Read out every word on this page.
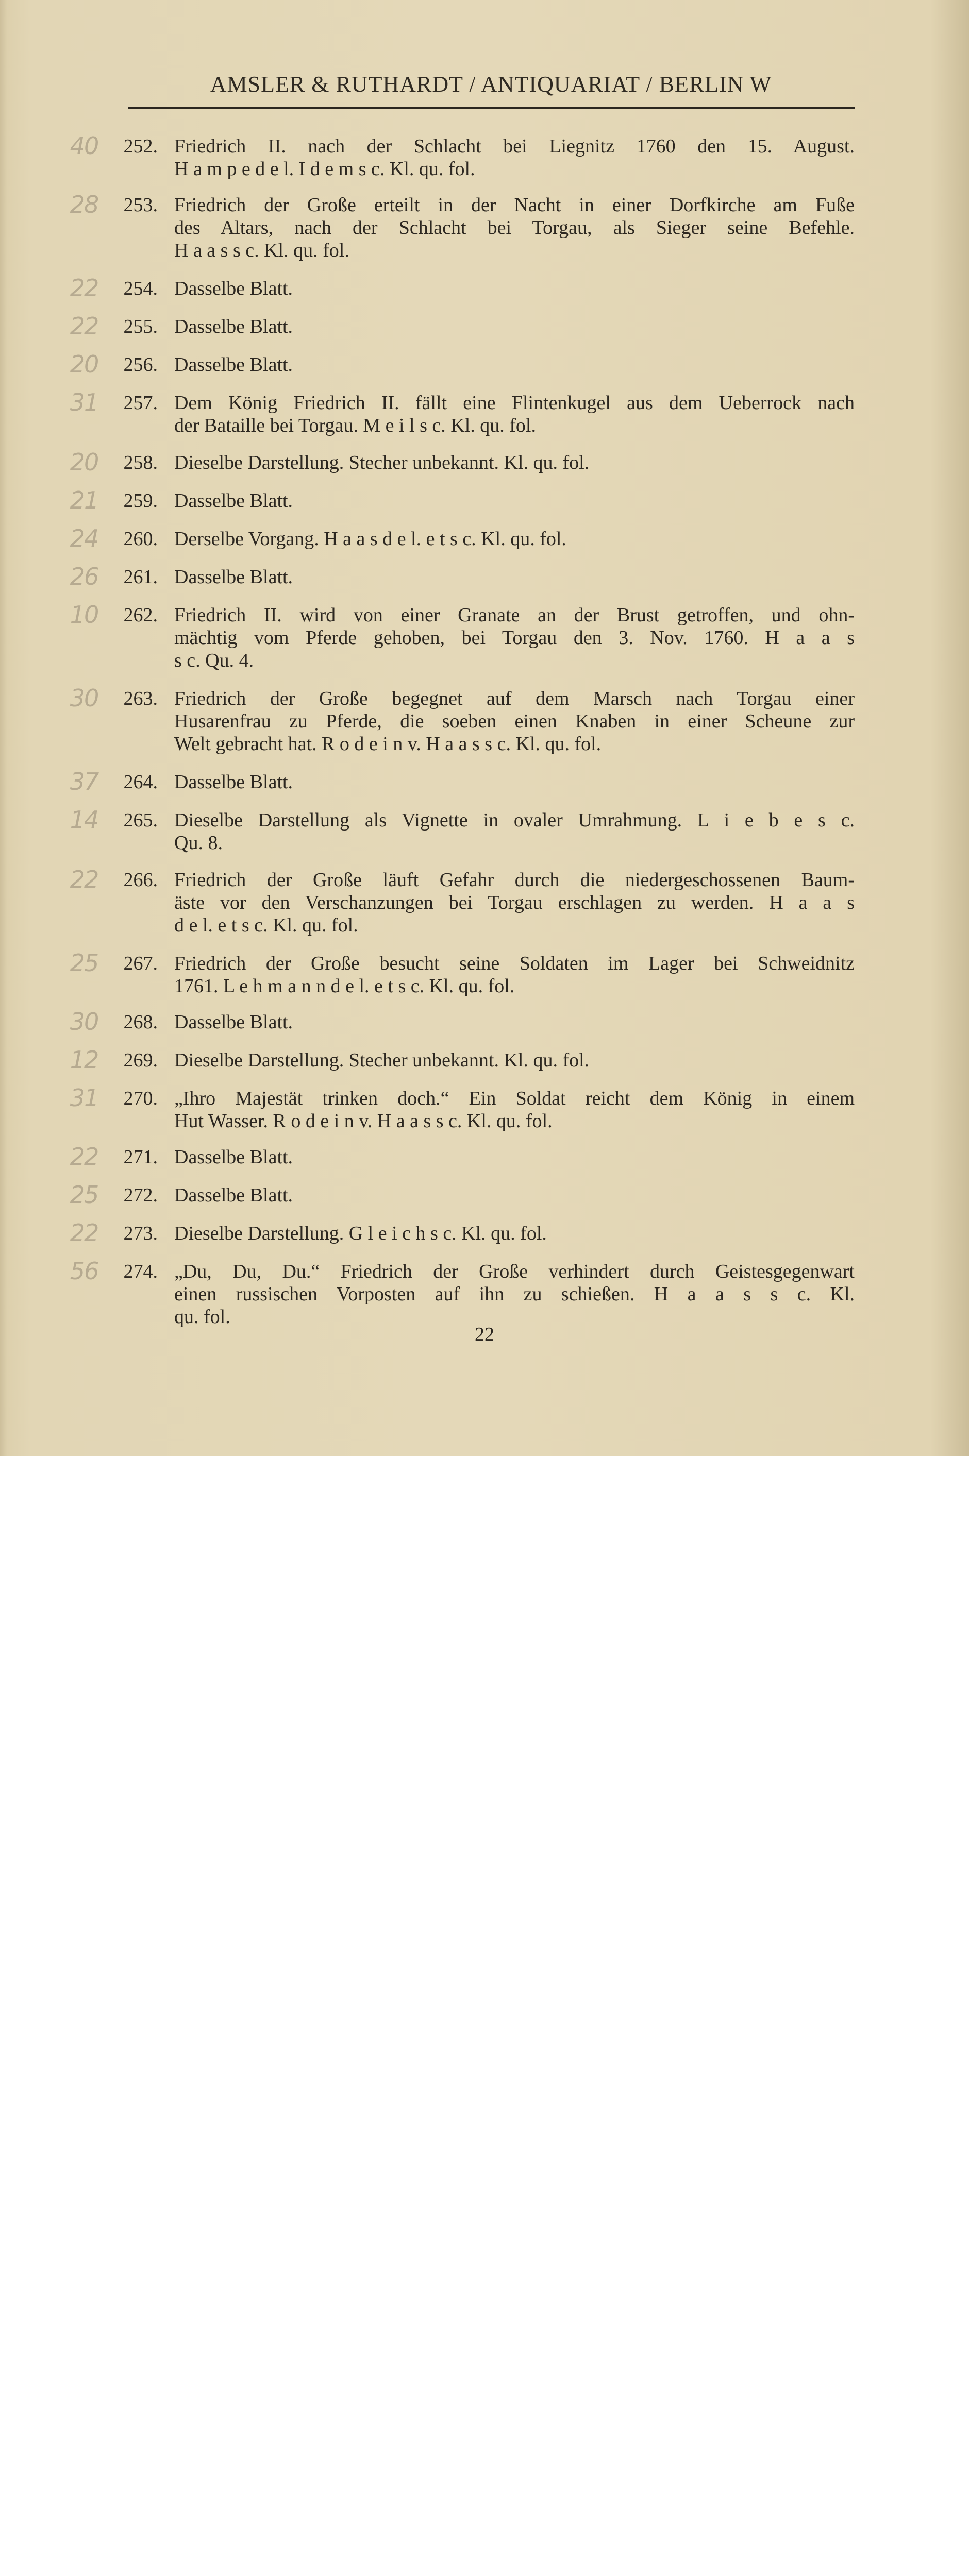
AMSLER & RUTHARDT / ANTIQUARIAT / BERLIN W
252. Friedrich II. nach der Schlacht bei Liegnitz 1760 den 15. August.
H a m p e d e l. I d e m s c. Kl. qu. fol.
40
253. Friedrich der Große erteilt in der Nacht in einer Dorfkirche am Fuße
des Altars, nach der Schlacht bei Torgau, als Sieger seine Befehle.
H a a s s c. Kl. qu. fol.
28
254. Dasselbe Blatt.
22
255. Dasselbe Blatt.
22
256. Dasselbe Blatt.
20
257. Dem König Friedrich II. fällt eine Flintenkugel aus dem Ueberrock nach
der Bataille bei Torgau. M e i l s c. Kl. qu. fol.
31
258. Dieselbe Darstellung. Stecher unbekannt. Kl. qu. fol.
20
259. Dasselbe Blatt.
21
260. Derselbe Vorgang. H a a s d e l. e t s c. Kl. qu. fol.
24
261. Dasselbe Blatt.
26
262. Friedrich II. wird von einer Granate an der Brust getroffen, und ohn-
mächtig vom Pferde gehoben, bei Torgau den 3. Nov. 1760. H a a s
s c. Qu. 4.
10
263. Friedrich der Große begegnet auf dem Marsch nach Torgau einer
Husarenfrau zu Pferde, die soeben einen Knaben in einer Scheune zur
Welt gebracht hat. R o d e i n v. H a a s s c. Kl. qu. fol.
30
264. Dasselbe Blatt.
37
265. Dieselbe Darstellung als Vignette in ovaler Umrahmung. L i e b e s c.
Qu. 8.
14
266. Friedrich der Große läuft Gefahr durch die niedergeschossenen Baum-
äste vor den Verschanzungen bei Torgau erschlagen zu werden. H a a s
d e l. e t s c. Kl. qu. fol.
22
267. Friedrich der Große besucht seine Soldaten im Lager bei Schweidnitz
1761. L e h m a n n d e l. e t s c. Kl. qu. fol.
25
268. Dasselbe Blatt.
30
269. Dieselbe Darstellung. Stecher unbekannt. Kl. qu. fol.
12
270. „Ihro Majestät trinken doch.“ Ein Soldat reicht dem König in einem
Hut Wasser. R o d e i n v. H a a s s c. Kl. qu. fol.
31
271. Dasselbe Blatt.
22
272. Dasselbe Blatt.
25
273. Dieselbe Darstellung. G l e i c h s c. Kl. qu. fol.
22
274. „Du, Du, Du.“ Friedrich der Große verhindert durch Geistesgegenwart
einen russischen Vorposten auf ihn zu schießen. H a a s s c. Kl.
qu. fol.
56
22
